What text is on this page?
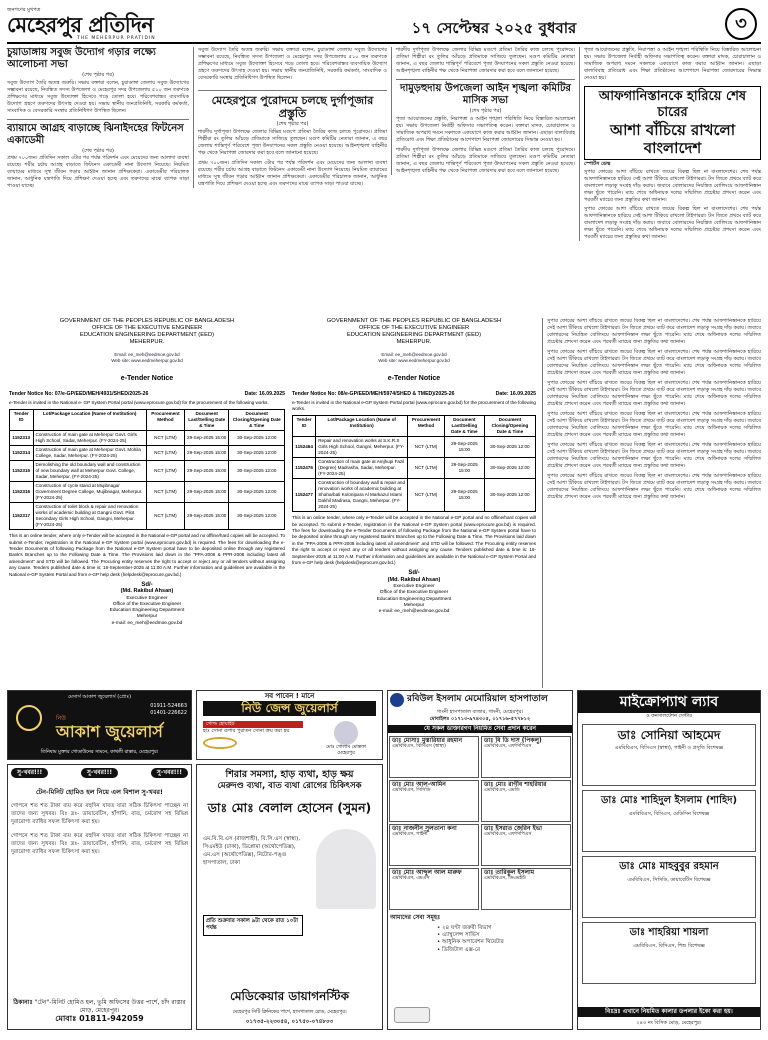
জনগণের মুখপত্র
মেহেরপুর প্রতিদিন
THE MEHERPUR PRATIDIN
১৭ সেপ্টেম্বর ২০২৫ বুধবার	৩
চুয়াডাঙ্গায় সবুজ উদ্যোগ গড়ার লক্ষ্যে আলোচনা সভা
(শেষ পৃষ্ঠার পর)

সবুজ উদ্যোগ তৈরি অতন্ত্র জরুরি। সভায় বক্তারা বলেন, চুয়াডাঙ্গা জেলায় সবুজ উদ্যোগের সম্ভাবনা রয়েছে, নিবন্ধিত সদস্য উপজেলা ও মেহেরপুর সদর উপজেলায় ৫১০ জন তরুণকে প্রশিক্ষণের মাধ্যমে সবুজ উদ্যোক্তা হিসেবে গড়ে তোলা হবে। পরিবেশবান্ধব ব্যবসায়িক উদ্যোগ গ্রহণে তরুণদের উৎসাহ দেওয়া হয়। সভায় স্থানীয় জনপ্রতিনিধি, সরকারি কর্মকর্তা, সাংবাদিক ও বেসরকারি সংস্থার প্রতিনিধিগণ উপস্থিত ছিলেন।

ব্যায়ামে আগ্রহ বাড়াচ্ছে ঝিনাইদহের ফিটনেস একাডেমী
(শেষ পৃষ্ঠার পর)

প্রথম ৭০০জন। প্রতিদিন সকাল ৩টার পর পর্যন্ত পরিদর্শন এবং মেয়েদের জন্য আলাদা ব্যবস্থা রয়েছে। শরীর চর্চায় আগ্রহ বাড়াতে ফিটনেস একাডেমী নানা উদ্যোগ নিয়েছে। নিয়মিত ব্যায়ামের মাধ্যমে সুস্থ জীবন গড়ার আহ্বান জানান প্রশিক্ষকেরা। একাডেমীর পরিচালক জানান, আধুনিক যন্ত্রপাতি দিয়ে প্রশিক্ষণ দেওয়া হচ্ছে এবং তরুণদের মাঝে ব্যাপক সাড়া পাওয়া যাচ্ছে।

সবুজ উদ্যোগ তৈরি অতন্ত্র জরুরি। সভায় বক্তারা বলেন, চুয়াডাঙ্গা জেলায় সবুজ উদ্যোগের সম্ভাবনা রয়েছে, নিবন্ধিত সদস্য উপজেলা ও মেহেরপুর সদর উপজেলায় ৫১০ জন তরুণকে প্রশিক্ষণের মাধ্যমে সবুজ উদ্যোক্তা হিসেবে গড়ে তোলা হবে। পরিবেশবান্ধব ব্যবসায়িক উদ্যোগ গ্রহণে তরুণদের উৎসাহ দেওয়া হয়। সভায় স্থানীয় জনপ্রতিনিধি, সরকারি কর্মকর্তা, সাংবাদিক ও বেসরকারি সংস্থার প্রতিনিধিগণ উপস্থিত ছিলেন।

মেহেরপুরে পুরোদমে চলছে দুর্গাপূজার প্রস্তুতি
(শেষ পৃষ্ঠার পর)

শারদীয় দুর্গাপূজা উপলক্ষে জেলার বিভিন্ন মণ্ডপে প্রতিমা তৈরির কাজ চলছে পুরোদমে। প্রতিমা শিল্পীরা রং তুলির আঁচড়ে প্রতিমাকে সাজিয়ে তুলছেন। মণ্ডপ কমিটির নেতারা জানান, এ বছর জেলায় শান্তিপূর্ণ পরিবেশে পূজা উদযাপনের সকল প্রস্তুতি নেওয়া হয়েছে। আইনশৃঙ্খলা বাহিনীর পক্ষ থেকে নিরাপত্তা জোরদার করা হবে বলে জানানো হয়েছে।

প্রথম ৭০০জন। প্রতিদিন সকাল ৩টার পর পর্যন্ত পরিদর্শন এবং মেয়েদের জন্য আলাদা ব্যবস্থা রয়েছে। শরীর চর্চায় আগ্রহ বাড়াতে ফিটনেস একাডেমী নানা উদ্যোগ নিয়েছে। নিয়মিত ব্যায়ামের মাধ্যমে সুস্থ জীবন গড়ার আহ্বান জানান প্রশিক্ষকেরা। একাডেমীর পরিচালক জানান, আধুনিক যন্ত্রপাতি দিয়ে প্রশিক্ষণ দেওয়া হচ্ছে এবং তরুণদের মাঝে ব্যাপক সাড়া পাওয়া যাচ্ছে।

শারদীয় দুর্গাপূজা উপলক্ষে জেলার বিভিন্ন মণ্ডপে প্রতিমা তৈরির কাজ চলছে পুরোদমে। প্রতিমা শিল্পীরা রং তুলির আঁচড়ে প্রতিমাকে সাজিয়ে তুলছেন। মণ্ডপ কমিটির নেতারা জানান, এ বছর জেলায় শান্তিপূর্ণ পরিবেশে পূজা উদযাপনের সকল প্রস্তুতি নেওয়া হয়েছে। আইনশৃঙ্খলা বাহিনীর পক্ষ থেকে নিরাপত্তা জোরদার করা হবে বলে জানানো হয়েছে।

দামুড়হুদায় উপজেলা আইন শৃঙ্খলা কমিটির মাসিক সভা
(শেষ পৃষ্ঠার পর)

পূজা আয়োজনের প্রস্তুতি, নিরাপত্তা ও আইন শৃঙ্খলা পরিস্থিতি নিয়ে বিস্তারিত আলোচনা হয়। সভায় উপজেলা নির্বাহী অফিসার সভাপতিত্ব করেন। বক্তারা মাদক, চোরাচালান ও সামাজিক অপরাধ দমনে সকলকে একযোগে কাজ করার আহ্বান জানান। এছাড়া বাল্যবিবাহ প্রতিরোধ এবং শিক্ষা প্রতিষ্ঠানের আশেপাশে নিরাপত্তা জোরদারের সিদ্ধান্ত নেওয়া হয়।

শারদীয় দুর্গাপূজা উপলক্ষে জেলার বিভিন্ন মণ্ডপে প্রতিমা তৈরির কাজ চলছে পুরোদমে। প্রতিমা শিল্পীরা রং তুলির আঁচড়ে প্রতিমাকে সাজিয়ে তুলছেন। মণ্ডপ কমিটির নেতারা জানান, এ বছর জেলায় শান্তিপূর্ণ পরিবেশে পূজা উদযাপনের সকল প্রস্তুতি নেওয়া হয়েছে। আইনশৃঙ্খলা বাহিনীর পক্ষ থেকে নিরাপত্তা জোরদার করা হবে বলে জানানো হয়েছে।

পূজা আয়োজনের প্রস্তুতি, নিরাপত্তা ও আইন শৃঙ্খলা পরিস্থিতি নিয়ে বিস্তারিত আলোচনা হয়। সভায় উপজেলা নির্বাহী অফিসার সভাপতিত্ব করেন। বক্তারা মাদক, চোরাচালান ও সামাজিক অপরাধ দমনে সকলকে একযোগে কাজ করার আহ্বান জানান। এছাড়া বাল্যবিবাহ প্রতিরোধ এবং শিক্ষা প্রতিষ্ঠানের আশেপাশে নিরাপত্তা জোরদারের সিদ্ধান্ত নেওয়া হয়।

আফগানিস্তানকে হারিয়ে শেষ চারের
আশা বাঁচিয়ে রাখলো বাংলাদেশ
স্পোর্টস ডেস্ক

সুপার ফোরের আশা বাঁচিয়ে রাখতে জয়ের বিকল্প ছিল না বাংলাদেশের। শেষ পর্যন্ত আফগানিস্তানকে হারিয়ে সেই আশা টিকিয়ে রাখলো টাইগাররা। টস জিতে প্রথমে ব্যাট করে বাংলাদেশ লড়াকু সংগ্রহ দাঁড় করায়। জবাবে বোলারদের নিয়ন্ত্রিত বোলিংয়ে আফগানিস্তান লক্ষ্য ছুঁতে পারেনি। ম্যাচ শেষে অধিনায়ক দলের সম্মিলিত প্রচেষ্টার প্রশংসা করেন এবং পরবর্তী ম্যাচের জন্য প্রস্তুতির কথা জানান।

সুপার ফোরের আশা বাঁচিয়ে রাখতে জয়ের বিকল্প ছিল না বাংলাদেশের। শেষ পর্যন্ত আফগানিস্তানকে হারিয়ে সেই আশা টিকিয়ে রাখলো টাইগাররা। টস জিতে প্রথমে ব্যাট করে বাংলাদেশ লড়াকু সংগ্রহ দাঁড় করায়। জবাবে বোলারদের নিয়ন্ত্রিত বোলিংয়ে আফগানিস্তান লক্ষ্য ছুঁতে পারেনি। ম্যাচ শেষে অধিনায়ক দলের সম্মিলিত প্রচেষ্টার প্রশংসা করেন এবং পরবর্তী ম্যাচের জন্য প্রস্তুতির কথা জানান।

GOVERNMENT OF THE PEOPLES REPUBLIC OF BANGLADESH
OFFICE OF THE EXECUTIVE ENGINEER
EDUCATION ENGINEERING DEPARTMENT (EED)
MEHERPUR.
Email: ee_meh@eedmoe.gov.bd
Web site: www.eedmeherpur.gov.bd
e-Tender Notice
Tender Notice No: 07/e-GP/EED/MEH/4931/SHED/2025-26	Date: 16.09.2025
e-Tender is invited in the National e- GP System Portal portal (www.eprocure.gov.bd) for the procurement of the following works.
Tender ID	Lot/Package Location (Name of Institution)	Procurement Method	Document Last/Selling Date & Time	Document Closing/Opening Date & Time
1152313	Construction of main gate at Meherpur Govt. Girls High School, Sadar, Meherpur. (FY-2024-25)	NCT (LTM)	29-Sep-2025 15:00	30-Sep-2025 12:00
1152314	Construction of main gate at Meherpur Govt. Mohila College, Sadar, Meherpur. (FY-2024-25)	NCT (LTM)	29-Sep-2025 15:00	30-Sep-2025 12:00
1152315	Demolishing the old boundary wall and construction of new boundary wall at Meherpur Govt. College, Sadar, Meherpur. (FY-2024-25)	NCT (LTM)	29-Sep-2025 15:00	30-Sep-2025 12:00
1152316	Construction of cycle stand at Mujibnagar Government Degree College, Mujibnagar, Meherpur. (FY-2024-25)	NCT (LTM)	29-Sep-2025 15:00	30-Sep-2025 12:00
1152317	Construction of toilet block & repair and renovation works of academic building at Gangni Govt. Pilot Secondary Girls High School, Gangni, Meherpur. (FY-2024-25)	NCT (LTM)	29-Sep-2025 15:00	30-Sep-2025 12:00

This is an online tender, where only e-Tender will be accepted in the National e-GP portal and no offline/hard copies will be accepted. To submit e-Tender, registration in the National e-GP System portal (www.eprocure.gov.bd) is required. The fees for downloading the e-Tender Documents of following Package from the National e-GP System portal have to be deposited online through any registered Bank's Branches up to the Following Date & Time. The Provisions laid down in the "PPA-2006 & PPR-2008 including latest all amendment" and STD will be followed. The Procuring entity reserves the right to accept or reject any or all tenders without assigning any cause. Tenders published date & time is: 16-September-2025 at 11:00 A.M. Further information and guidelines are available in the National e-GP System Portal and from e-GP help desk (helpdesk@eprocure.gov.bd.)

Sd/-
(Md. Rakibul Ahsan)
Executive Engineer
Office of the Executive Engineer
Education Engineering Department
Meherpur
e-mail: ee_meh@eedmoe.gov.bd
GOVERNMENT OF THE PEOPLES REPUBLIC OF BANGLADESH
OFFICE OF THE EXECUTIVE ENGINEER
EDUCATION ENGINEERING DEPARTMENT (EED)
MEHERPUR.
Email: ee_meh@eedmoe.gov.bd
Web site: www.eedmeherpur.gov.bd
e-Tender Notice
Tender Notice No: 08/e-GP/EED/MEH/5974/SHED & TMED)/2025-26	Date: 16.09.2025
e-Tender is invited in the National e-GP System Portal portal (www.eprocure.gov.bd) for the procurement of the following works.
Tender ID	Lot/Package Location (Name of Institution)	Procurement Method	Document Last/Selling Date & Time	Document Closing/Opening Date & Time
1152464	Repair and renovation works at S.K.R.S Girls High School, Gangni, Meherpur. (FY-2024-25)	NCT (LTM)	29-Sep-2025 15:00	30-Sep-2025 12:00
1152476	Construction of main gate at Amjhupi Fazil (Degree) Madrasha, Sadar, Meherpur. (FY-2024-25)	NCT (LTM)	29-Sep-2025 15:00	30-Sep-2025 12:00
1152477	Construction of boundary wall & repair and renovation works of academic building at Shaharbati Kolonipara Al Markazul Islami Dakhil Madrasa, Gangni, Meherpur. (FY-2024-25)	NCT (LTM)	29-Sep-2025 15:00	30-Sep-2025 12:00

This is an online tender, where only e-Tender will be accepted in the National e-GP portal and no offline/hard copies will be accepted. To submit e-Tender, registration in the National e-GP System portal (www.eprocure.gov.bd) is required. The fees for downloading the e-Tender Documents of following Package from the National e-GP System portal have to be deposited online through any registered Bank's Branches up to the Following Date & Time. The Provisions laid down in the "PPA-2006 & PPR-2008 including latest all amendment" and STD will be followed. The Procuring entity reserves the right to accept or reject any or all tenders without assigning any cause. Tenders published date & time is: 16-September-2025 at 11:00 A.M. Further information and guidelines are available in the National e-GP System Portal and from e-GP help desk (helpdesk@eprocure.gov.bd.)

Sd/-
(Md. Rakibul Ahsan)
Executive Engineer
Office of the Executive Engineer
Education Engineering Department
Meherpur
e-mail: ee_meh@eedmoe.gov.bd

সুপার ফোরের আশা বাঁচিয়ে রাখতে জয়ের বিকল্প ছিল না বাংলাদেশের। শেষ পর্যন্ত আফগানিস্তানকে হারিয়ে সেই আশা টিকিয়ে রাখলো টাইগাররা। টস জিতে প্রথমে ব্যাট করে বাংলাদেশ লড়াকু সংগ্রহ দাঁড় করায়। জবাবে বোলারদের নিয়ন্ত্রিত বোলিংয়ে আফগানিস্তান লক্ষ্য ছুঁতে পারেনি। ম্যাচ শেষে অধিনায়ক দলের সম্মিলিত প্রচেষ্টার প্রশংসা করেন এবং পরবর্তী ম্যাচের জন্য প্রস্তুতির কথা জানান।

সুপার ফোরের আশা বাঁচিয়ে রাখতে জয়ের বিকল্প ছিল না বাংলাদেশের। শেষ পর্যন্ত আফগানিস্তানকে হারিয়ে সেই আশা টিকিয়ে রাখলো টাইগাররা। টস জিতে প্রথমে ব্যাট করে বাংলাদেশ লড়াকু সংগ্রহ দাঁড় করায়। জবাবে বোলারদের নিয়ন্ত্রিত বোলিংয়ে আফগানিস্তান লক্ষ্য ছুঁতে পারেনি। ম্যাচ শেষে অধিনায়ক দলের সম্মিলিত প্রচেষ্টার প্রশংসা করেন এবং পরবর্তী ম্যাচের জন্য প্রস্তুতির কথা জানান।

সুপার ফোরের আশা বাঁচিয়ে রাখতে জয়ের বিকল্প ছিল না বাংলাদেশের। শেষ পর্যন্ত আফগানিস্তানকে হারিয়ে সেই আশা টিকিয়ে রাখলো টাইগাররা। টস জিতে প্রথমে ব্যাট করে বাংলাদেশ লড়াকু সংগ্রহ দাঁড় করায়। জবাবে বোলারদের নিয়ন্ত্রিত বোলিংয়ে আফগানিস্তান লক্ষ্য ছুঁতে পারেনি। ম্যাচ শেষে অধিনায়ক দলের সম্মিলিত প্রচেষ্টার প্রশংসা করেন এবং পরবর্তী ম্যাচের জন্য প্রস্তুতির কথা জানান।

সুপার ফোরের আশা বাঁচিয়ে রাখতে জয়ের বিকল্প ছিল না বাংলাদেশের। শেষ পর্যন্ত আফগানিস্তানকে হারিয়ে সেই আশা টিকিয়ে রাখলো টাইগাররা। টস জিতে প্রথমে ব্যাট করে বাংলাদেশ লড়াকু সংগ্রহ দাঁড় করায়। জবাবে বোলারদের নিয়ন্ত্রিত বোলিংয়ে আফগানিস্তান লক্ষ্য ছুঁতে পারেনি। ম্যাচ শেষে অধিনায়ক দলের সম্মিলিত প্রচেষ্টার প্রশংসা করেন এবং পরবর্তী ম্যাচের জন্য প্রস্তুতির কথা জানান।

সুপার ফোরের আশা বাঁচিয়ে রাখতে জয়ের বিকল্প ছিল না বাংলাদেশের। শেষ পর্যন্ত আফগানিস্তানকে হারিয়ে সেই আশা টিকিয়ে রাখলো টাইগাররা। টস জিতে প্রথমে ব্যাট করে বাংলাদেশ লড়াকু সংগ্রহ দাঁড় করায়। জবাবে বোলারদের নিয়ন্ত্রিত বোলিংয়ে আফগানিস্তান লক্ষ্য ছুঁতে পারেনি। ম্যাচ শেষে অধিনায়ক দলের সম্মিলিত প্রচেষ্টার প্রশংসা করেন এবং পরবর্তী ম্যাচের জন্য প্রস্তুতির কথা জানান।

সুপার ফোরের আশা বাঁচিয়ে রাখতে জয়ের বিকল্প ছিল না বাংলাদেশের। শেষ পর্যন্ত আফগানিস্তানকে হারিয়ে সেই আশা টিকিয়ে রাখলো টাইগাররা। টস জিতে প্রথমে ব্যাট করে বাংলাদেশ লড়াকু সংগ্রহ দাঁড় করায়। জবাবে বোলারদের নিয়ন্ত্রিত বোলিংয়ে আফগানিস্তান লক্ষ্য ছুঁতে পারেনি। ম্যাচ শেষে অধিনায়ক দলের সম্মিলিত প্রচেষ্টার প্রশংসা করেন এবং পরবর্তী ম্যাচের জন্য প্রস্তুতির কথা জানান।

মেসার্স আকাশ জুয়েলার্স (প্রোঃ)
01911-524663
01401-226622
নিউ
আকাশ জুয়েলার্স
তিনিষাম মুক্তার গোডাউনের সামনে, কাথলী রাস্তার, মেহেরপুর।
সব পাবেন ! মানে
নিউ জেন্স জুয়েলার্স
গোল্ড হোয়াইট
হাঃ সোনা রূপার পুরাতন সোনা ক্রয় করা হয়
মোঃ গোলাম মোস্তফা
মেহেরপুর
রবিউল ইসলাম মেমোরিয়াল হাসপাতাল
গাংনী হাসপাতাল বাজার, গাংনী, মেহেরপুর।
মোবাইলঃ ০১৭১৩-৯৭৪৩০৫, ০১৭১৬-৫৭৭৮১২
যে সকল ডাক্তারগণ নিয়মিত সেবা প্রদান করেন
ডাঃ মোসাঃ মুস্তারিয়ার রহমান
এমবিবিএস, বিসিএস (স্বাস্থ্য)
ডাঃ বি ডি দাস (পিকলু)
এমবিবিএস, এফসিপিএস
ডাঃ মোঃ আল-আমিন
এমবিবিএস, সিসিডি
ডাঃ মোঃ রাগীব শাহরিয়ার
এমবিবিএস, এমডি
ডাঃ নাজনীন সুলতানা কনা
এমবিবিএস, গাইনী
ডাঃ ইসরাত জেরিন ইভা
এমবিবিএস, এফসিপিএস
ডাঃ মোঃ আব্দুল আল মারুফ
এমবিবিএস, এমএস
ডাঃ তারিকুল ইসলাম
এমবিবিএস, ডিএমইউ
আমাদের সেবা সমূহঃ
• ২৪ ঘণ্টা জরুরী বিভাগ
• এ্যাম্বুলেন্স সার্ভিস
• আধুনিক অপারেশন থিয়েটার
• ডিজিটাল এক্স-রে
মাইক্রোপ্যাথ ল্যাব
ও কনসালটেশন সেন্টার
ডাঃ সোনিয়া আহমেদ
এমবিবিএস, বিসিএস (স্বাস্থ্য), গাইনী ও প্রসূতি বিশেষজ্ঞ
ডাঃ মোঃ শাহিদুল ইসলাম (শাহিদ)
এমবিবিএস, বিসিএস, মেডিসিন বিশেষজ্ঞ
ডাঃ মোঃ মাহবুবুর রহমান
এমবিবিএস, সিসিডি, ডায়াবেটিস বিশেষজ্ঞ
ডাঃ শাহরিয়া শায়লা
এমবিবিএস, বিসিএস, শিশু বিশেষজ্ঞ
বিঃদ্রঃ এখানে নিয়মিত কালার ডপলার ইকো করা হয়।
২৪৩ নং বিসিক মোড়, মেহেরপুর।
সু-খবর!!!	সু-খবর!!!	সু-খবর!!!
টেন-মিনিট হোমিও হল নিয়ে এল বিশাল সু-খবর!

গোপনে শত শত টাকা ব্যয় করে বহুদিন যাবত যারা সঠিক চিকিৎসা পাচ্ছেন না তাদের জন্য সুখবর। বিঃ দ্রঃ- ডায়াবেটিস, হাঁপানি, বাত, চর্মরোগ সহ বিভিন্ন দুরারোগ্য ব্যাধির সফল চিকিৎসা করা হয়।

গোপনে শত শত টাকা ব্যয় করে বহুদিন যাবত যারা সঠিক চিকিৎসা পাচ্ছেন না তাদের জন্য সুখবর। বিঃ দ্রঃ- ডায়াবেটিস, হাঁপানি, বাত, চর্মরোগ সহ বিভিন্ন দুরারোগ্য ব্যাধির সফল চিকিৎসা করা হয়।

ঠিকানাঃ "টেন"-মিনিট হোমিও হল, ভুমি অফিসের উত্তর পার্শে, চাঁদ রাস্তার মোড়, মেহেরপুর।
মোবাঃ 01811-942059
শিরার সমস্যা, হাড় ব্যথা, হাড় ক্ষয়
মেরুদণ্ড ব্যথা, বাত ব্যথা রোগের চিকিৎসক
ডাঃ মোঃ বেলাল হোসেন (সুমন)
এম.বি.বি.এস (রাজশাহী), বি.সি.এস (স্বাস্থ্য), সিএমইউ (ঢাকা), ডিপ্লোমা (অর্থোপেডিক্স), এম.এস (অর্থোপেডিক্স), নিটোর-পঙ্গু হাসপাতাল, ঢাকা
প্রতি শুক্রবার সকাল ৯টা থেকে রাত ১০টা পর্যন্ত
মেডিকেয়ার ডায়াগনস্টিক
মেহেরপুর সিটি ক্লিনিকের পাশে, হাসপাতাল রোড, মেহেরপুর।
০১৭৩৫-২২৩০৫৪, ০১৭৫০-০৭৪৮০৩
